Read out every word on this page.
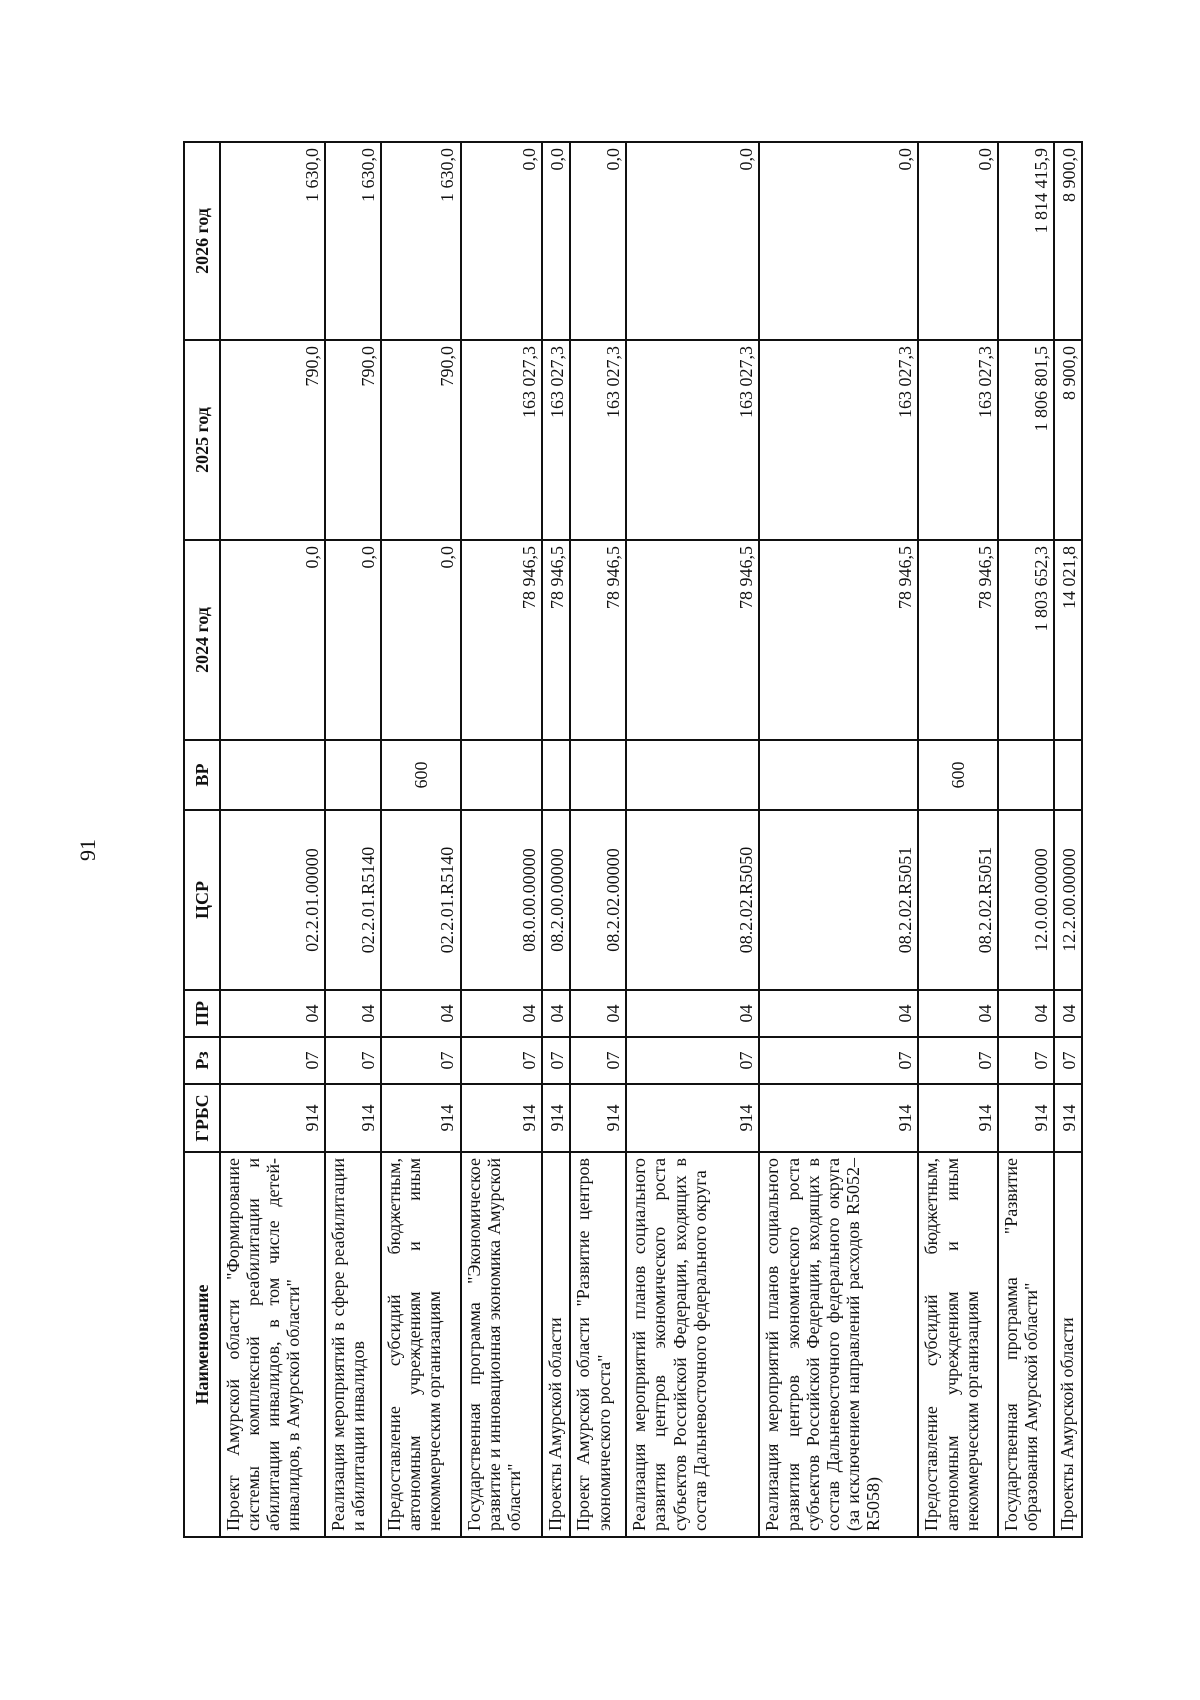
91
Наименование	ГРБС	Рз	ПР	ЦСР	ВР	2024 год	2025 год	2026 год
Проект Амурской области "Формирование системы комплексной реабилитации и абилитации инвалидов, в том числе детей-инвалидов, в Амурской области"	914	07	04	02.2.01.00000		0,0	790,0	1 630,0
Реализация мероприятий в сфере реабилитации и абилитации инвалидов	914	07	04	02.2.01.R5140		0,0	790,0	1 630,0
Предоставление субсидий бюджетным, автономным учреждениям и иным некоммерческим организациям	914	07	04	02.2.01.R5140	600	0,0	790,0	1 630,0
Государственная программа "Экономическое развитие и инновационная экономика Амурской области"	914	07	04	08.0.00.00000		78 946,5	163 027,3	0,0
Проекты Амурской области	914	07	04	08.2.00.00000		78 946,5	163 027,3	0,0
Проект Амурской области "Развитие центров экономического роста"	914	07	04	08.2.02.00000		78 946,5	163 027,3	0,0
Реализация мероприятий планов социального развития центров экономического роста субъектов Российской Федерации, входящих в состав Дальневосточного федерального округа	914	07	04	08.2.02.R5050		78 946,5	163 027,3	0,0
Реализация мероприятий планов социального развития центров экономического роста субъектов Российской Федерации, входящих в состав Дальневосточного федерального округа (за исключением направлений расходов R5052–R5058)	914	07	04	08.2.02.R5051		78 946,5	163 027,3	0,0
Предоставление субсидий бюджетным, автономным учреждениям и иным некоммерческим организациям	914	07	04	08.2.02.R5051	600	78 946,5	163 027,3	0,0
Государственная программа "Развитие образования Амурской области"	914	07	04	12.0.00.00000		1 803 652,3	1 806 801,5	1 814 415,9
Проекты Амурской области	914	07	04	12.2.00.00000		14 021,8	8 900,0	8 900,0
